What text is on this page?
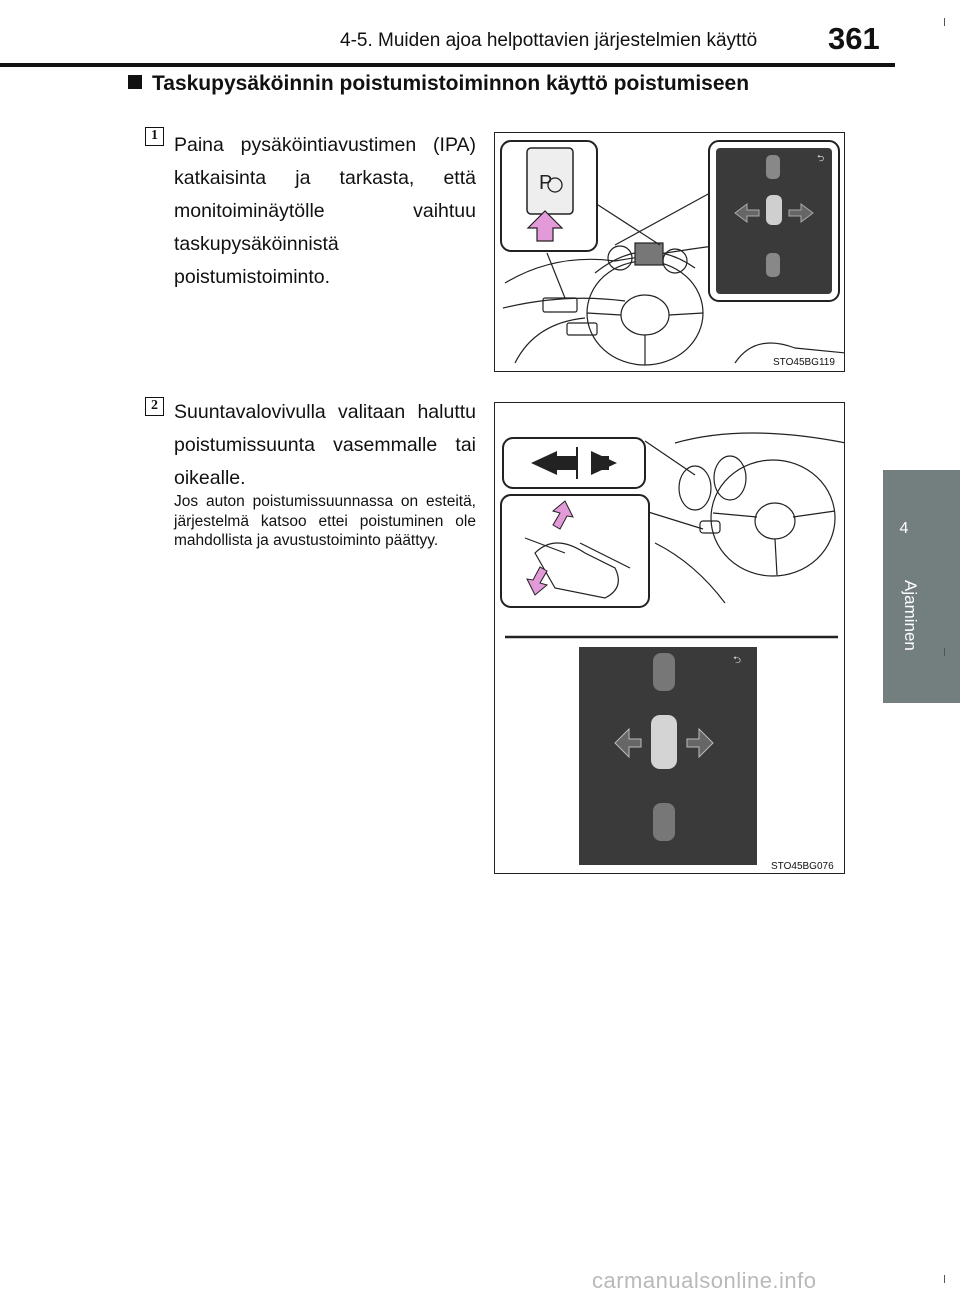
4-5. Muiden ajoa helpottavien järjestelmien käyttö 361
4
Ajaminen
Taskupysäköinnin poistumistoiminnon käyttö poistumiseen
1 Paina pysäköintiavustimen (IPA) katkaisinta ja tarkasta, että monitoiminäytölle vaihtuu taskupysäköinnistä poistumistoiminto.
P
⮌
STO45BG119
2 Suuntavalovivulla valitaan haluttu poistumissuunta vasemmalle tai oikealle.
Jos auton poistumissuunnassa on esteitä, järjestelmä katsoo ettei poistuminen ole mahdollista ja avustustoiminto päättyy.
⮌
STO45BG076
carmanualsonline.info
